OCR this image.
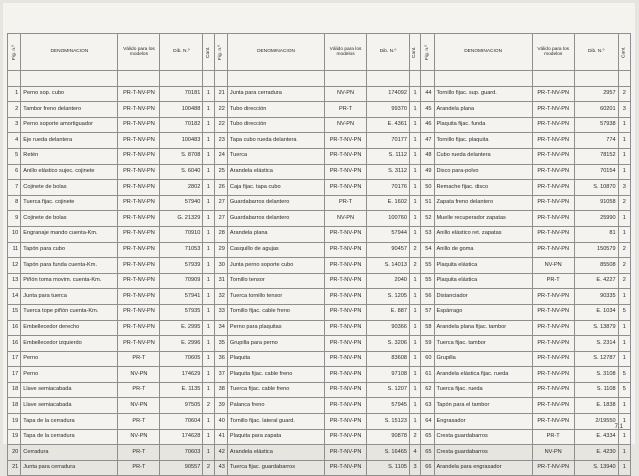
Fig. n.º	DENOMINACION	Válido para los modelos	Dib. N.º	Cant.	Fig. n.º	DENOMINACION	Válido para los modelos	Dib. N.º	Cant.	Fig. n.º	DENOMINACION	Válido para los modelos	Dib. N.º	Cant.

1	Perno sop. cubo	PR-T-NV-PN	70181	1	21	Junta para cerradura	NV-PN	174092	1	44	Tornillo fijac. sup. guard.	PR-T-NV-PN	2957	2
2	Tambor freno delantero	PR-T-NV-PN	100488	1	22	Tubo dirección	PR-T	99370	1	45	Arandela plana	PR-T-NV-PN	60201	3
3	Perno soporte amortiguador	PR-T-NV-PN	70182	1	22	Tubo dirección	NV-PN	E. 4361	1	46	Plaquita fijac. funda	PR-T-NV-PN	57938	1
4	Eje rueda delantera	PR-T-NV-PN	100483	1	23	Tapa cubo rueda delantera	PR-T-NV-PN	70177	1	47	Tornillo fijac. plaquita	PR-T-NV-PN	774	1
5	Retén	PR-T-NV-PN	S. 8708	1	24	Tuerca	PR-T-NV-PN	S. 1112	1	48	Cubo rueda delantera	PR-T-NV-PN	78152	1
6	Anillo elástico sujec. cojinete	PR-T-NV-PN	S. 6040	1	25	Arandela elástica	PR-T-NV-PN	S. 3112	1	49	Disco para-polvo	PR-T-NV-PN	70154	1
7	Cojinete de bolas	PR-T-NV-PN	2802	1	26	Caja fijac. tapa cubo	PR-T-NV-PN	70176	1	50	Remache fijac. disco	PR-T-NV-PN	S. 10870	3
8	Tuerca fijac. cojinete	PR-T-NV-PN	57940	1	27	Guardabarros delantero	PR-T	E. 1602	1	51	Zapata freno delantero	PR-T-NV-PN	91058	2
9	Cojinete de bolas	PR-T-NV-PN	G. 21329	1	27	Guardabarros delantero	NV-PN	100760	1	52	Muelle recuperador zapatas	PR-T-NV-PN	25990	1
10	Engranaje mando cuenta-Km.	PR-T-NV-PN	70910	1	28	Arandela plana	PR-T-NV-PN	57944	1	53	Anillo elástico ret. zapatas	PR-T-NV-PN	81	1
11	Tapón para cubo	PR-T-NV-PN	71053	1	29	Casquillo de agujas	PR-T-NV-PN	90457	2	54	Anillo de goma	PR-T-NV-PN	150579	2
12	Tapón para funda cuenta-Km.	PR-T-NV-PN	57939	1	30	Junta perno soporte cubo	PR-T-NV-PN	S. 14013	2	55	Plaquita elástica	NV-PN	85508	2
13	Piñón toma movim. cuenta-Km.	PR-T-NV-PN	70909	1	31	Tornillo tensor	PR-T-NV-PN	2040	1	55	Plaquita elástica	PR-T	E. 4227	2
14	Junta para tuerca	PR-T-NV-PN	57941	1	32	Tuerca tornillo tensor	PR-T-NV-PN	S. 1205	1	56	Distanciador	PR-T-NV-PN	90335	1
15	Tuerca tope piñón cuenta-Km.	PR-T-NV-PN	57935	1	33	Tornillo fijac. cable freno	PR-T-NV-PN	E. 887	1	57	Espárrago	PR-T-NV-PN	E. 1034	5
16	Embellecedor derecho	PR-T-NV-PN	E. 2995	1	34	Perno para plaquitas	PR-T-NV-PN	90366	1	58	Arandela plana fijac. tambor	PR-T-NV-PN	S. 13879	1
16	Embellecedor izquierdo	PR-T-NV-PN	E. 2996	1	35	Grupilla para perno	PR-T-NV-PN	S. 3206	1	59	Tuerca fijac. tambor	PR-T-NV-PN	S. 2314	1
17	Perno	PR-T	70605	1	36	Plaquita	PR-T-NV-PN	83608	1	60	Grupilla	PR-T-NV-PN	S. 12787	1
17	Perno	NV-PN	174629	1	37	Plaquita fijac. cable freno	PR-T-NV-PN	97108	1	61	Arandela elástica fijac. rueda	PR-T-NV-PN	S. 3108	5
18	Llave semiacabada	PR-T	E. 1135	1	38	Tuerca fijac. cable freno	PR-T-NV-PN	S. 1207	1	62	Tuerca fijac. rueda	PR-T-NV-PN	S. 1108	5
18	Llave semiacabada	NV-PN	97505	2	39	Palanca freno	PR-T-NV-PN	57945	1	63	Tapón para el tambor	PR-T-NV-PN	E. 1838	1
19	Tapa de la cerradura	PR-T	70604	1	40	Tornillo fijac. lateral guard.	PR-T-NV-PN	S. 15123	1	64	Engrasador	PR-T-NV-PN	2/19550	1
19	Tapa de la cerradura	NV-PN	174628	1	41	Plaquita para zapata	PR-T-NV-PN	90878	2	65	Cresta guardabarros	PR-T	E. 4334	1
20	Cerradura	PR-T	70603	1	42	Arandela elástica	PR-T-NV-PN	S. 16465	4	65	Cresta guardabarros	NV-PN	E. 4230	1
21	Junta para cerradura	PR-T	90557	2	43	Tuerca fijac. guardabarros	PR-T-NV-PN	S. 1105	3	66	Arandela para engrasador	PR-T-NV-PN	S. 13940	1
7.1
